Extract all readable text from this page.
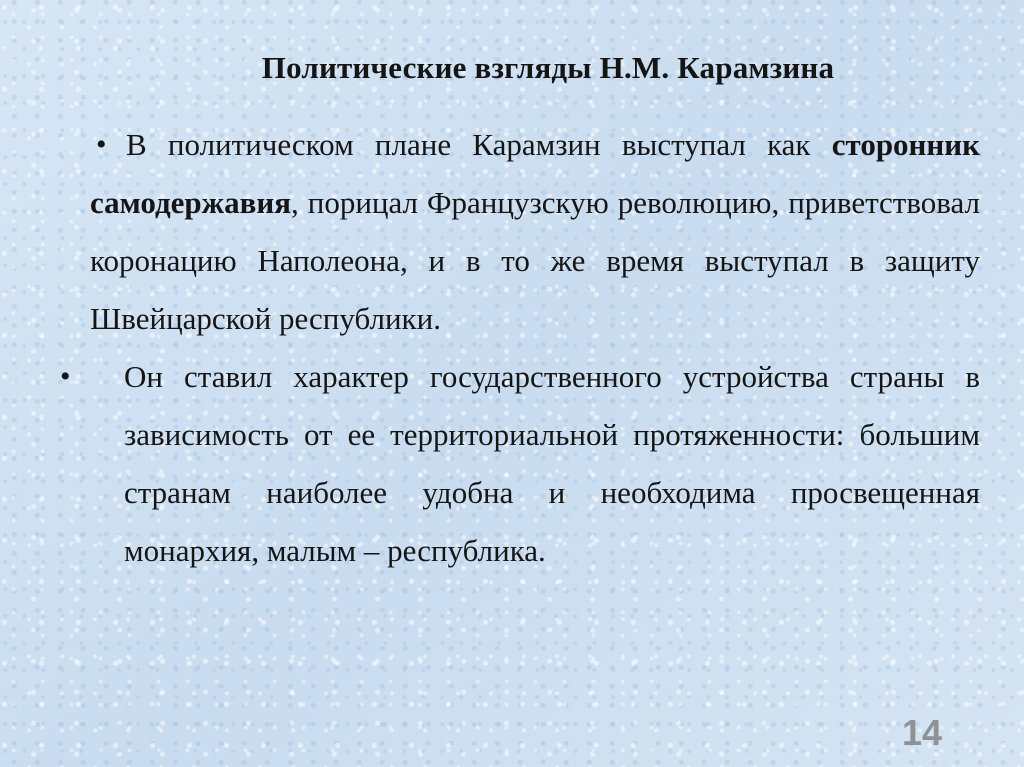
Политические взгляды Н.М. Карамзина
• В политическом плане Карамзин выступал как сторонник самодержавия, порицал Французскую революцию, приветствовал коронацию Наполеона, и в то же время выступал в защиту Швейцарской республики.
• Он ставил характер государственного устройства страны в зависимость от ее территориальной протяженности: большим странам наиболее удобна и необходима просвещенная монархия, малым – республика.

14
